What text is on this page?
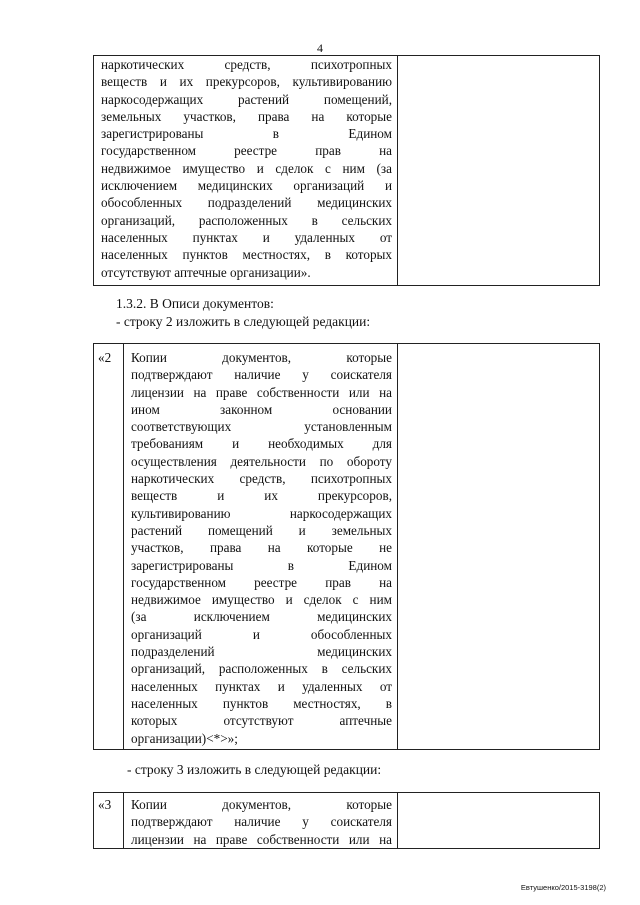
4
наркотических средств, психотропных
веществ и их прекурсоров, культивированию
наркосодержащих растений помещений,
земельных участков, права на которые
зарегистрированы в Едином
государственном реестре прав на
недвижимое имущество и сделок с ним (за
исключением медицинских организаций и
обособленных подразделений медицинских
организаций, расположенных в сельских
населенных пунктах и удаленных от
населенных пунктов местностях, в которых
отсутствуют аптечные организации».

1.3.2. В Описи документов:
- строку 2 изложить в следующей редакции:
«2	Копии документов, которые
подтверждают наличие у соискателя
лицензии на праве собственности или на
ином законном основании
соответствующих установленным
требованиям и необходимых для
осуществления деятельности по обороту
наркотических средств, психотропных
веществ и их прекурсоров,
культивированию наркосодержащих
растений помещений и земельных
участков, права на которые не
зарегистрированы в Едином
государственном реестре прав на
недвижимое имущество и сделок с ним
(за исключением медицинских
организаций и обособленных
подразделений медицинских
организаций, расположенных в сельских
населенных пунктах и удаленных от
населенных пунктов местностях, в
которых отсутствуют аптечные
организации)<*>»;

- строку 3 изложить в следующей редакции:
«3	Копии документов, которые
подтверждают наличие у соискателя
лицензии на праве собственности или на

Евтушенко/2015-3198(2)
